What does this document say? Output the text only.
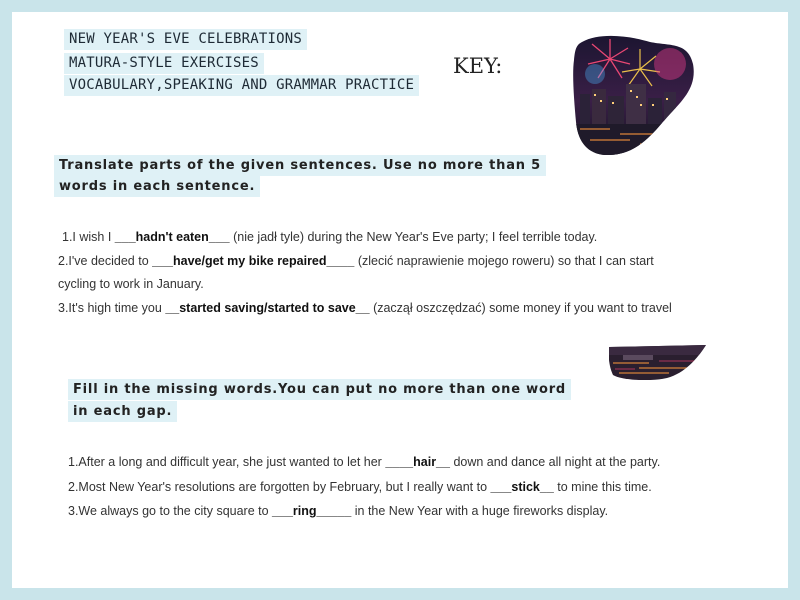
NEW YEAR'S EVE CELEBRATIONS
MATURA-STYLE EXERCISES
VOCABULARY,SPEAKING AND GRAMMAR PRACTICE
KEY:
Translate parts of the given sentences. Use no more than 5
words in each sentence.
1.I wish I ___hadn't eaten___ (nie jadł tyle) during the New Year's Eve party; I feel terrible today.
2.I've decided to ___have/get my bike repaired____ (zlecić naprawienie mojego roweru) so that I can start
cycling to work in January.
3.It's high time you __started saving/started to save__ (zaczął oszczędzać) some money if you want to travel
Fill in the missing words.You can put no more than one word
in each gap.
1.After a long and difficult year, she just wanted to let her ____hair__ down and dance all night at the party.
2.Most New Year's resolutions are forgotten by February, but I really want to ___stick__ to mine this time.
3.We always go to the city square to ___ring_____ in the New Year with a huge fireworks display.
